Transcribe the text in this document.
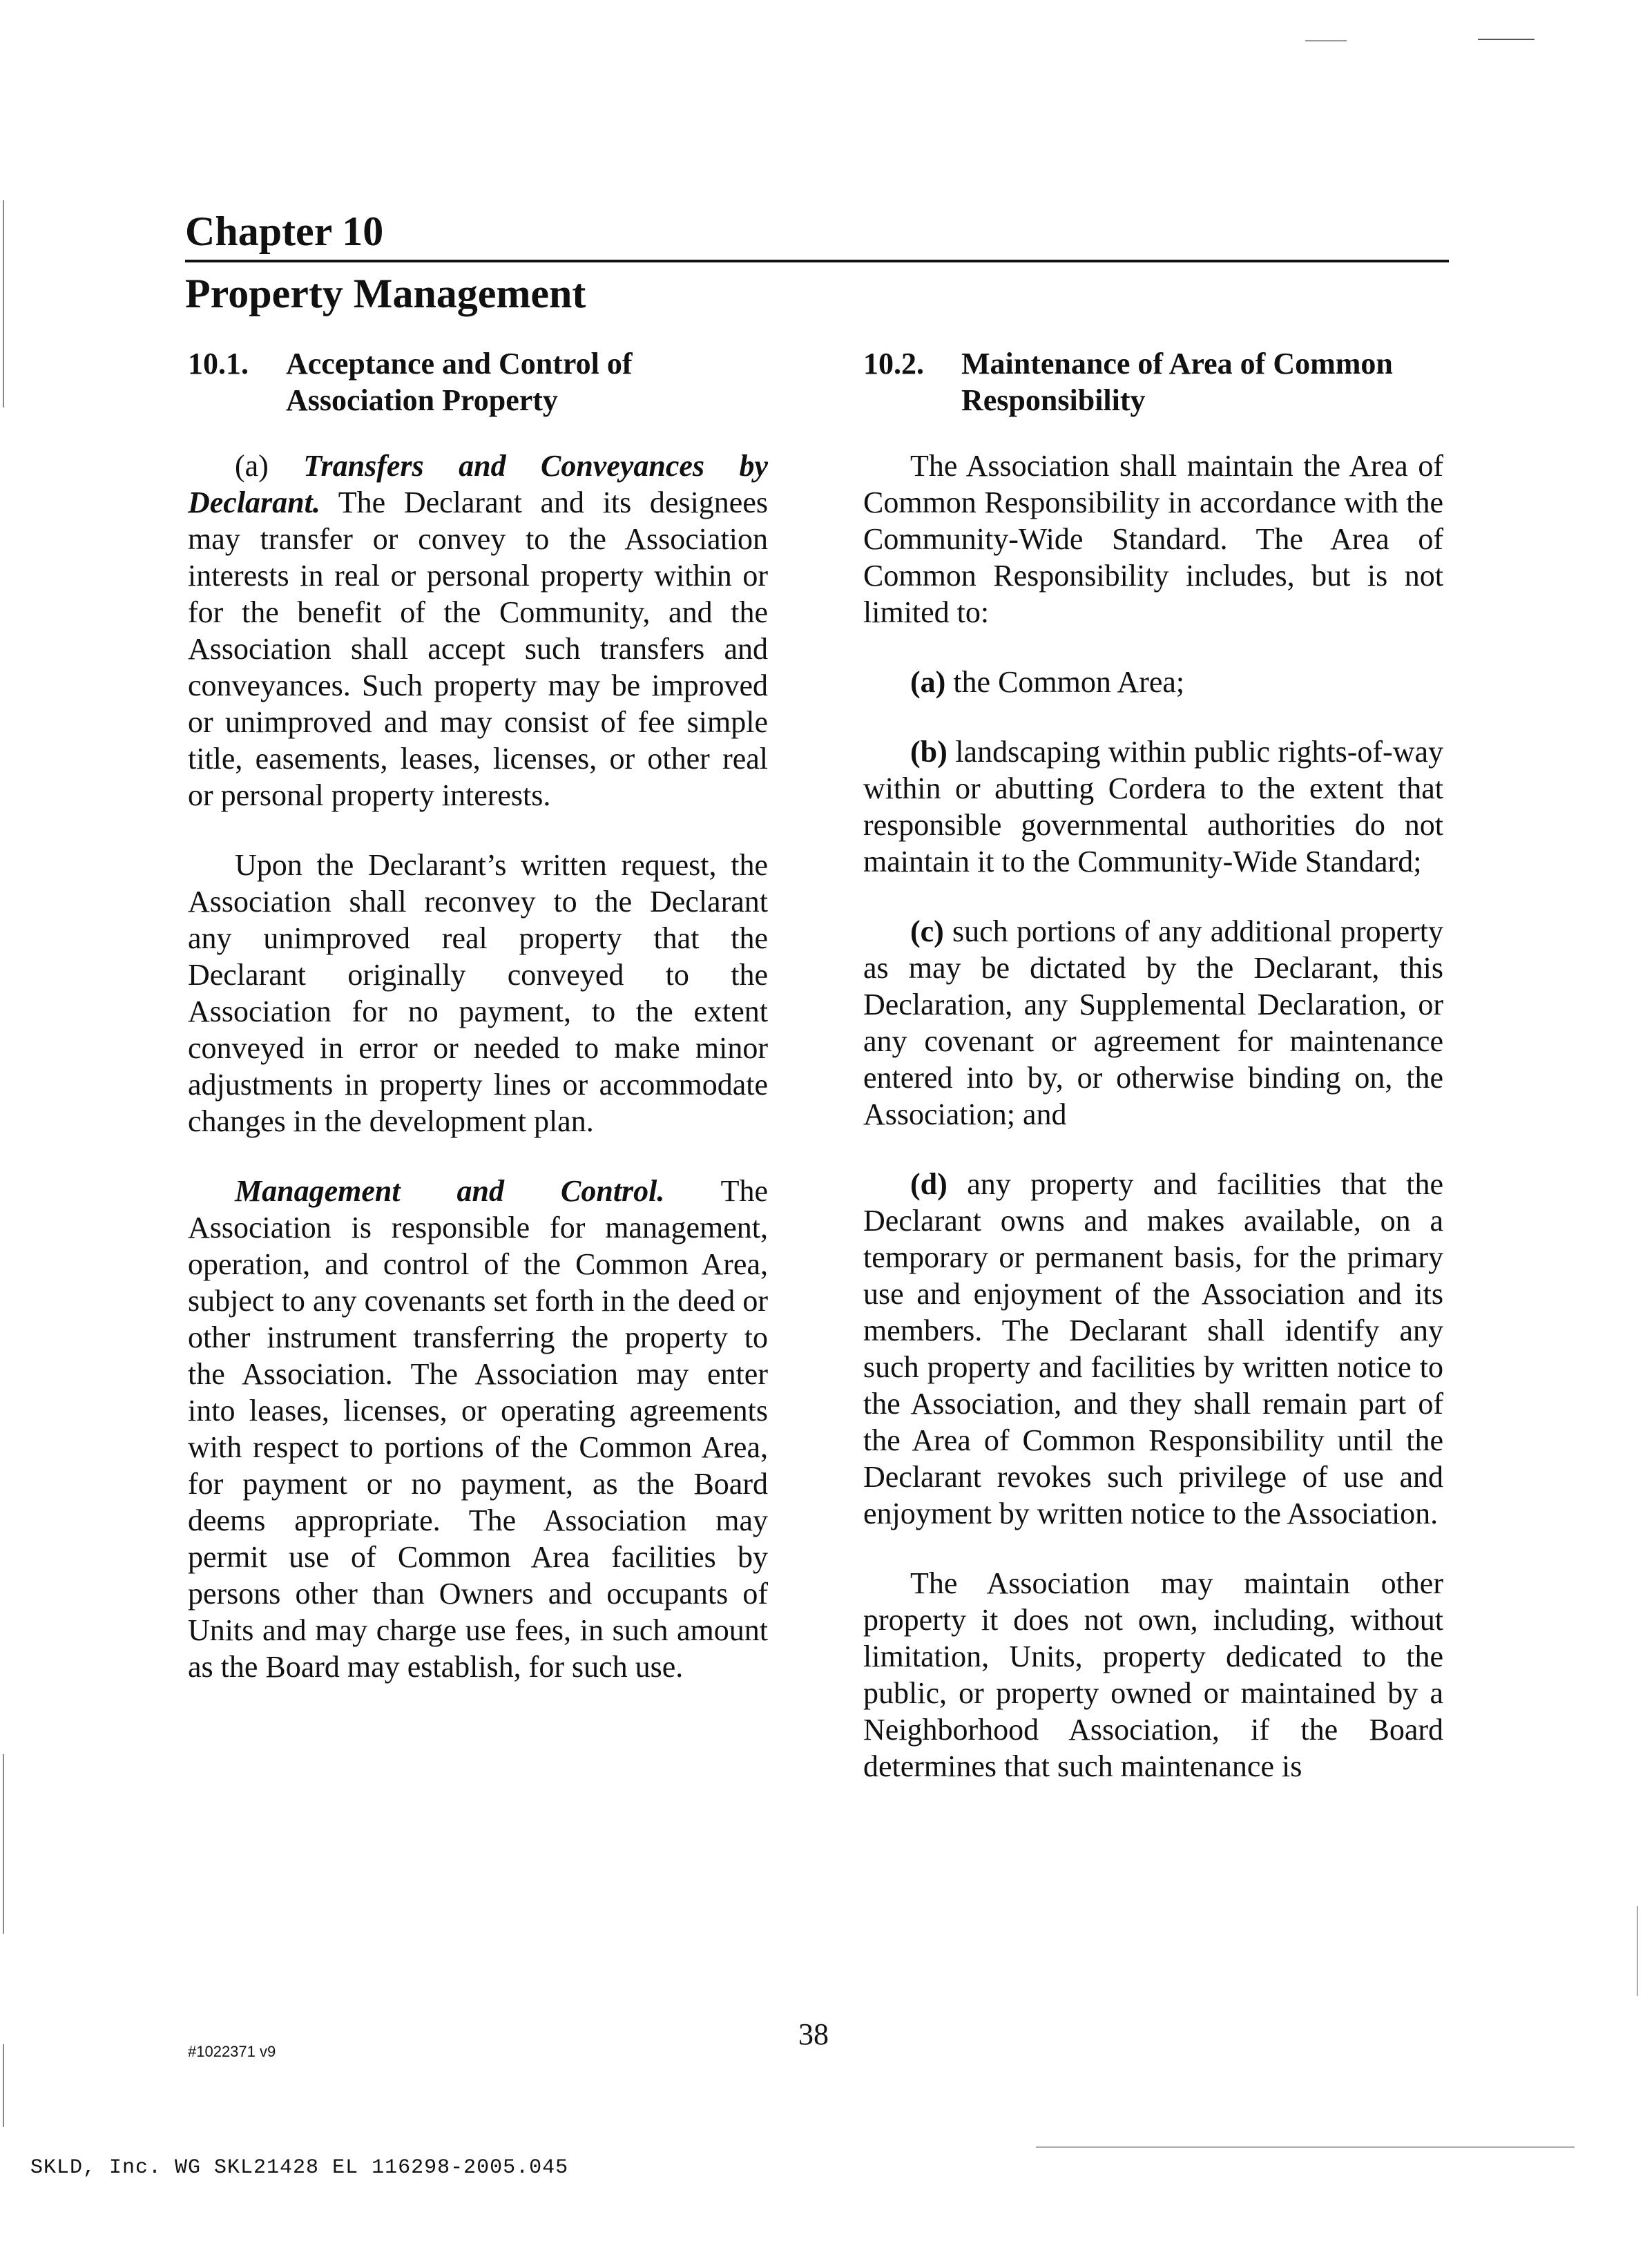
Chapter 10
Property Management
10.1.	Acceptance and Control of Association Property

(a) Transfers and Conveyances by Declarant. The Declarant and its designees may transfer or convey to the Association interests in real or personal property within or for the benefit of the Community, and the Association shall accept such transfers and conveyances. Such property may be improved or unimproved and may consist of fee simple title, easements, leases, licenses, or other real or personal property interests.

Upon the Declarant’s written request, the Association shall reconvey to the Declarant any unimproved real property that the Declarant originally conveyed to the Association for no payment, to the extent conveyed in error or needed to make minor adjustments in property lines or accommodate changes in the development plan.

Management and Control. The Association is responsible for management, operation, and control of the Common Area, subject to any covenants set forth in the deed or other instrument transferring the property to the Association. The Association may enter into leases, licenses, or operating agreements with respect to portions of the Common Area, for payment or no payment, as the Board deems appropriate. The Association may permit use of Common Area facilities by persons other than Owners and occupants of Units and may charge use fees, in such amount as the Board may establish, for such use.

10.2.	Maintenance of Area of Common Responsibility

The Association shall maintain the Area of Common Responsibility in accordance with the Community-Wide Standard. The Area of Common Responsibility includes, but is not limited to:

(a) the Common Area;

(b) landscaping within public rights-of-way within or abutting Cordera to the extent that responsible governmental authorities do not maintain it to the Community-Wide Standard;

(c) such portions of any additional property as may be dictated by the Declarant, this Declaration, any Supplemental Declaration, or any covenant or agreement for maintenance entered into by, or otherwise binding on, the Association; and

(d) any property and facilities that the Declarant owns and makes available, on a temporary or permanent basis, for the primary use and enjoyment of the Association and its members. The Declarant shall identify any such property and facilities by written notice to the Association, and they shall remain part of the Area of Common Responsibility until the Declarant revokes such privilege of use and enjoyment by written notice to the Association.

The Association may maintain other property it does not own, including, without limitation, Units, property dedicated to the public, or property owned or maintained by a Neighborhood Association, if the Board determines that such maintenance is

38
#1022371 v9
SKLD, Inc. WG SKL21428 EL 116298-2005.045
